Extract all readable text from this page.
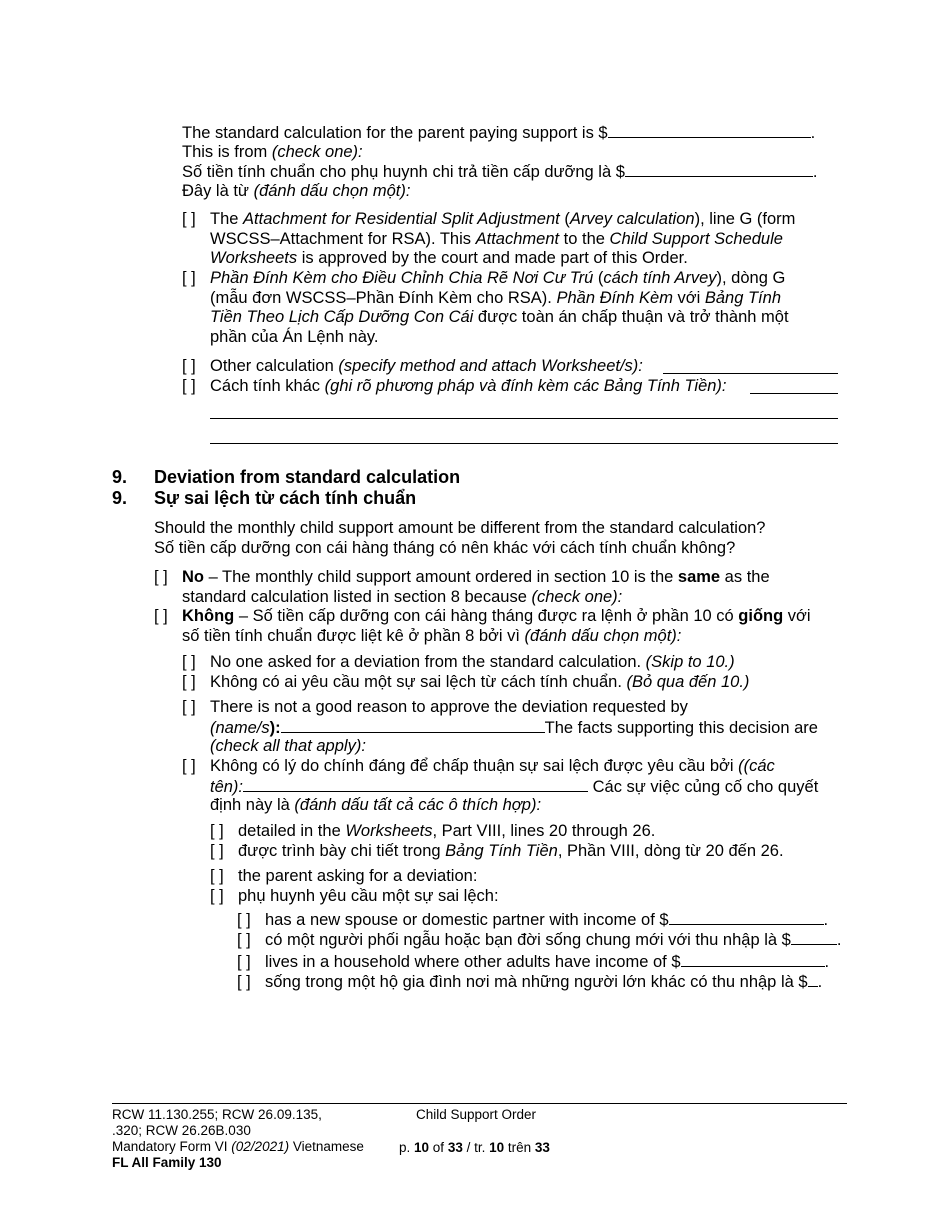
The standard calculation for the parent paying support is $	.
This is from (check one):
Số tiền tính chuẩn cho phụ huynh chi trả tiền cấp dưỡng là $	.
Đây là từ (đánh dấu chọn một):
[ ] The Attachment for Residential Split Adjustment (Arvey calculation), line G (form
WSCSS–Attachment for RSA). This Attachment to the Child Support Schedule
Worksheets is approved by the court and made part of this Order.
[ ] Phần Đính Kèm cho Điều Chỉnh Chia Rẽ Nơi Cư Trú (cách tính Arvey), dòng G
(mẫu đơn WSCSS–Phần Đính Kèm cho RSA). Phần Đính Kèm với Bảng Tính
Tiền Theo Lịch Cấp Dưỡng Con Cái được toàn án chấp thuận và trở thành một
phần của Án Lệnh này.
[ ] Other calculation (specify method and attach Worksheet/s):
[ ] Cách tính khác (ghi rõ phương pháp và đính kèm các Bảng Tính Tiền):
9. Deviation from standard calculation
9. Sự sai lệch từ cách tính chuẩn
Should the monthly child support amount be different from the standard calculation?
Số tiền cấp dưỡng con cái hàng tháng có nên khác với cách tính chuẩn không?
[ ] No – The monthly child support amount ordered in section 10 is the same as the
standard calculation listed in section 8 because (check one):
[ ] Không – Số tiền cấp dưỡng con cái hàng tháng được ra lệnh ở phần 10 có giống với
số tiền tính chuẩn được liệt kê ở phần 8 bởi vì (đánh dấu chọn một):
[ ] No one asked for a deviation from the standard calculation. (Skip to 10.)
[ ] Không có ai yêu cầu một sự sai lệch từ cách tính chuẩn. (Bỏ qua đến 10.)
[ ] There is not a good reason to approve the deviation requested by
(name/s):	The facts supporting this decision are
(check all that apply):
[ ] Không có lý do chính đáng để chấp thuận sự sai lệch được yêu cầu bởi ((các
tên):	Các sự việc củng cố cho quyết
định này là (đánh dấu tất cả các ô thích hợp):
[ ] detailed in the Worksheets, Part VIII, lines 20 through 26.
[ ] được trình bày chi tiết trong Bảng Tính Tiền, Phần VIII, dòng từ 20 đến 26.
[ ] the parent asking for a deviation:
[ ] phụ huynh yêu cầu một sự sai lệch:
[ ] has a new spouse or domestic partner with income of $	.
[ ] có một người phối ngẫu hoặc bạn đời sống chung mới với thu nhập là $	.
[ ] lives in a household where other adults have income of $	.
[ ] sống trong một hộ gia đình nơi mà những người lớn khác có thu nhập là $ .
RCW 11.130.255; RCW 26.09.135,
.320; RCW 26.26B.030
Mandatory Form VI (02/2021) Vietnamese
FL All Family 130
Child Support Order
p. 10 of 33 / tr. 10 trên 33
